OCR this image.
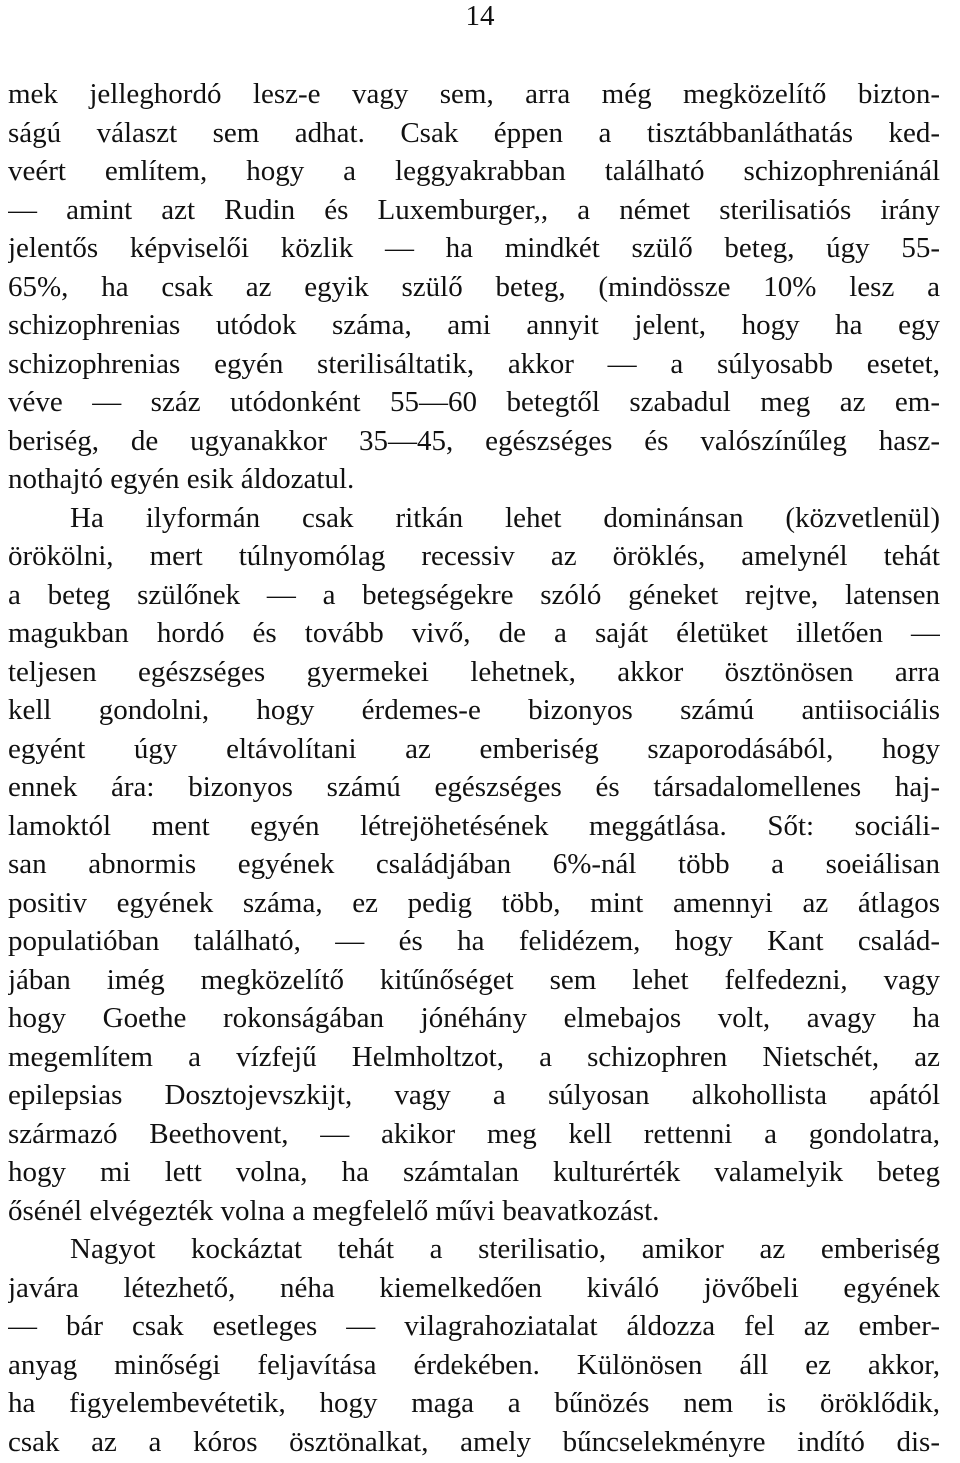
14
mek jelleghordó lesz-e vagy sem, arra még megközelítő bizton-
ságú választ sem adhat. Csak éppen a tisztábbanláthatás ked-
veért említem, hogy a leggyakrabban található schizophreniánál
— amint azt Rudin és Luxemburger,, a német sterilisatiós irány
jelentős képviselői közlik — ha mindkét szülő beteg, úgy 55-
65%, ha csak az egyik szülő beteg, (mindössze 10% lesz a
schizophrenias utódok száma, ami annyit jelent, hogy ha egy
schizophrenias egyén sterilisáltatik, akkor — a súlyosabb esetet,
véve — száz utódonként 55—60 betegtől szabadul meg az em-
beriség, de ugyanakkor 35—45, egészséges és valószínűleg hasz-
nothajtó egyén esik áldozatul.
Ha ilyformán csak ritkán lehet dominánsan (közvetlenül)
örökölni, mert túlnyomólag recessiv az öröklés, amelynél tehát
a beteg szülőnek — a betegségekre szóló géneket rejtve, latensen
magukban hordó és tovább vivő, de a saját életüket illetően —
teljesen egészséges gyermekei lehetnek, akkor ösztönösen arra
kell gondolni, hogy érdemes-e bizonyos számú antiisociális
egyént úgy eltávolítani az emberiség szaporodásából, hogy
ennek ára: bizonyos számú egészséges és társadalomellenes haj-
lamoktól ment egyén létrejöhetésének meggátlása. Sőt: sociáli-
san abnormis egyének családjában 6%-nál több a soeiálisan
positiv egyének száma, ez pedig több, mint amennyi az átlagos
populatióban található, — és ha felidézem, hogy Kant család-
jában imég megközelítő kitűnőséget sem lehet felfedezni, vagy
hogy Goethe rokonságában jónéhány elmebajos volt, avagy ha
megemlítem a vízfejű Helmholtzot, a schizophren Nietschét, az
epilepsias Dosztojevszkijt, vagy a súlyosan alkohollista apától
származó Beethovent, — akikor meg kell rettenni a gondolatra,
hogy mi lett volna, ha számtalan kulturérték valamelyik beteg
ősénél elvégezték volna a megfelelő művi beavatkozást.
Nagyot kockáztat tehát a sterilisatio, amikor az emberiség
javára létezhető, néha kiemelkedően kiváló jövőbeli egyének
— bár csak esetleges — vilagrahoziatalat áldozza fel az ember-
anyag minőségi feljavítása érdekében. Különösen áll ez akkor,
ha figyelembevétetik, hogy maga a bűnözés nem is öröklődik,
csak az a kóros ösztönalkat, amely bűncselekményre indító dis-
